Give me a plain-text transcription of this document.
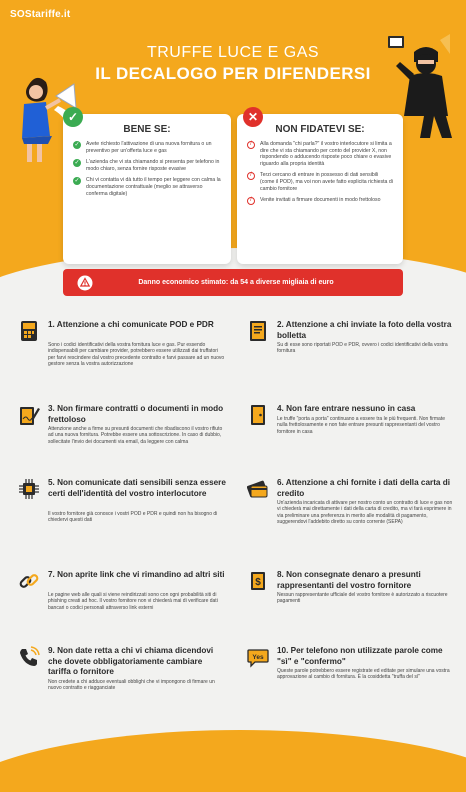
SOStariffe.it
TRUFFE LUCE E GAS
IL DECALOGO PER DIFENDERSI
✓
BENE SE:
✓ Avete richiesto l'attivazione di una nuova fornitura o un preventivo per un'offerta luce e gas
✓ L'azienda che vi sta chiamando si presenta per telefono in modo chiaro, senza fornire risposte evasive
✓ Chi vi contatta vi dà tutto il tempo per leggere con calma la documentazione contrattuale (meglio se attraverso conferma digitale)
✕
NON FIDATEVI SE:
/	Alla domanda "chi parla?" il vostro interlocutore si limita a dire che vi sta chiamando per conto del provider X, non rispondendo o adducendo risposte poco chiare o evasive riguardo alla propria identità
/	Terzi cercano di entrare in possesso di dati sensibili (come il POD), ma voi non avete fatto esplicita richiesta di cambio fornitore
/	Venite invitati a firmare documenti in modo frettoloso
Danno economico stimato: da 54 a diverse migliaia di euro
1. Attenzione a chi comunicate POD e PDR
Sono i codici identificativi della vostra fornitura luce e gas. Pur essendo indispensabili per cambiare provider, potrebbero essere utilizzati dai truffatori per farvi rescindere dal vostro precedente contratto e farvi passare ad un nuovo gestore senza la vostra autorizzazione
2. Attenzione a chi inviate la foto della vostra bolletta
Su di esse sono riportati POD e PDR, ovvero i codici identificativi della vostra fornitura
3. Non firmare contratti o documenti in modo frettoloso
Attenzione anche a firme su presunti documenti che ribadiscono il vostro rifiuto ad una nuova fornitura. Potrebbe essere una sottoscrizione. In caso di dubbio, sollecitate l'invio dei documenti via email, da leggere con calma
4. Non fare entrare nessuno in casa
Le truffe "porta a porta" continuano a essere tra le più frequenti. Non firmate nulla frettolosamente e non fate entrare presunti rappresentanti del vostro fornitore in casa
5. Non comunicate dati sensibili senza essere certi dell'identità del vostro interlocutore
Il vostro fornitore già conosce i vostri POD e PDR e quindi non ha bisogno di chiedervi questi dati
6. Attenzione a chi fornite i dati della carta di credito
Un'azienda incaricata di attivare per nostro conto un contratto di luce e gas non vi chiederà mai direttamente i dati della carta di credito, ma vi farà esprimere in via preliminare una preferenza in merito alle modalità di pagamento, suggerendovi l'addebito diretto su conto corrente (SEPA)
7. Non aprite link che vi rimandino ad altri siti
Le pagine web alle quali si viene reindirizzati sono con ogni probabilità siti di phishing creati ad hoc. Il vostro fornitore non vi chiederà mai di verificare dati bancari o codici personali attraverso link esterni
$
8. Non consegnate denaro a presunti rappresentanti del vostro fornitore
Nessun rappresentante ufficiale del vostro fornitore è autorizzato a riscuotere pagamenti
9. Non date retta a chi vi chiama dicendovi che dovete obbligatoriamente cambiare tariffa o fornitore
Non credete a chi adduce eventuali obblighi che vi impongono di firmare un nuovo contratto e riagganciate
Yes
10. Per telefono non utilizzate parole come "sì" e "confermo"
Queste parole potrebbero essere registrate ed editate per simulare una vostra approvazione al cambio di fornitura. È la cosiddetta "truffa del sì"
